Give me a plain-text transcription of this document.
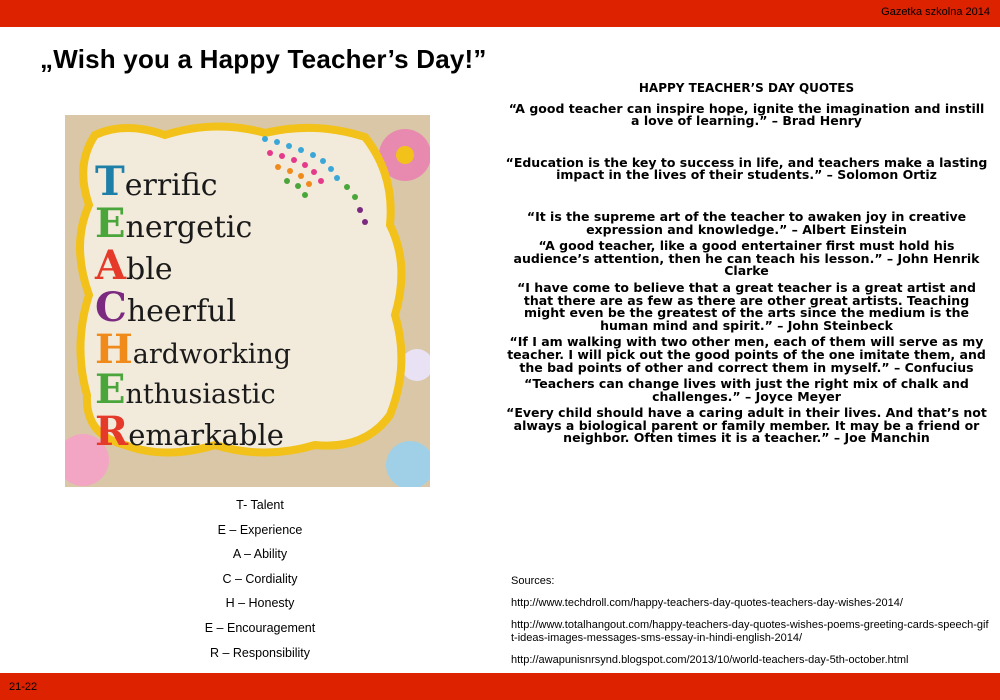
Gazetka szkolna 2014
„Wish you a Happy Teacher’s Day!”
Terrific
Energetic
Able
Cheerful
Hardworking
Enthusiastic
Remarkable
T- Talent
E – Experience
A – Ability
C – Cordiality
H – Honesty
E – Encouragement
R – Responsibility
HAPPY TEACHER’S DAY QUOTES

“A good teacher can inspire hope, ignite the imagination and instill a love of learning.” – Brad Henry

“Education is the key to success in life, and teachers make a lasting impact in the lives of their students.” – Solomon Ortiz

“It is the supreme art of the teacher to awaken joy in creative expression and knowledge.” – Albert Einstein

“A good teacher, like a good entertainer first must hold his audience’s attention, then he can teach his lesson.” – John Henrik Clarke

“I have come to believe that a great teacher is a great artist and that there are as few as there are other great artists. Teaching might even be the greatest of the arts since the medium is the human mind and spirit.” – John Steinbeck

“If I am walking with two other men, each of them will serve as my teacher. I will pick out the good points of the one imitate them, and the bad points of other and correct them in myself.” – Confucius

“Teachers can change lives with just the right mix of chalk and challenges.” – Joyce Meyer

“Every child should have a caring adult in their lives. And that’s not always a biological parent or family member. It may be a friend or neighbor. Often times it is a teacher.” – Joe Manchin

Sources:
http://www.techdroll.com/happy-teachers-day-quotes-teachers-day-wishes-2014/
http://www.totalhangout.com/happy-teachers-day-quotes-wishes-poems-greeting-cards-speech-gift-ideas-images-messages-sms-essay-in-hindi-english-2014/
http://awapunisnrsynd.blogspot.com/2013/10/world-teachers-day-5th-october.html
21-22
